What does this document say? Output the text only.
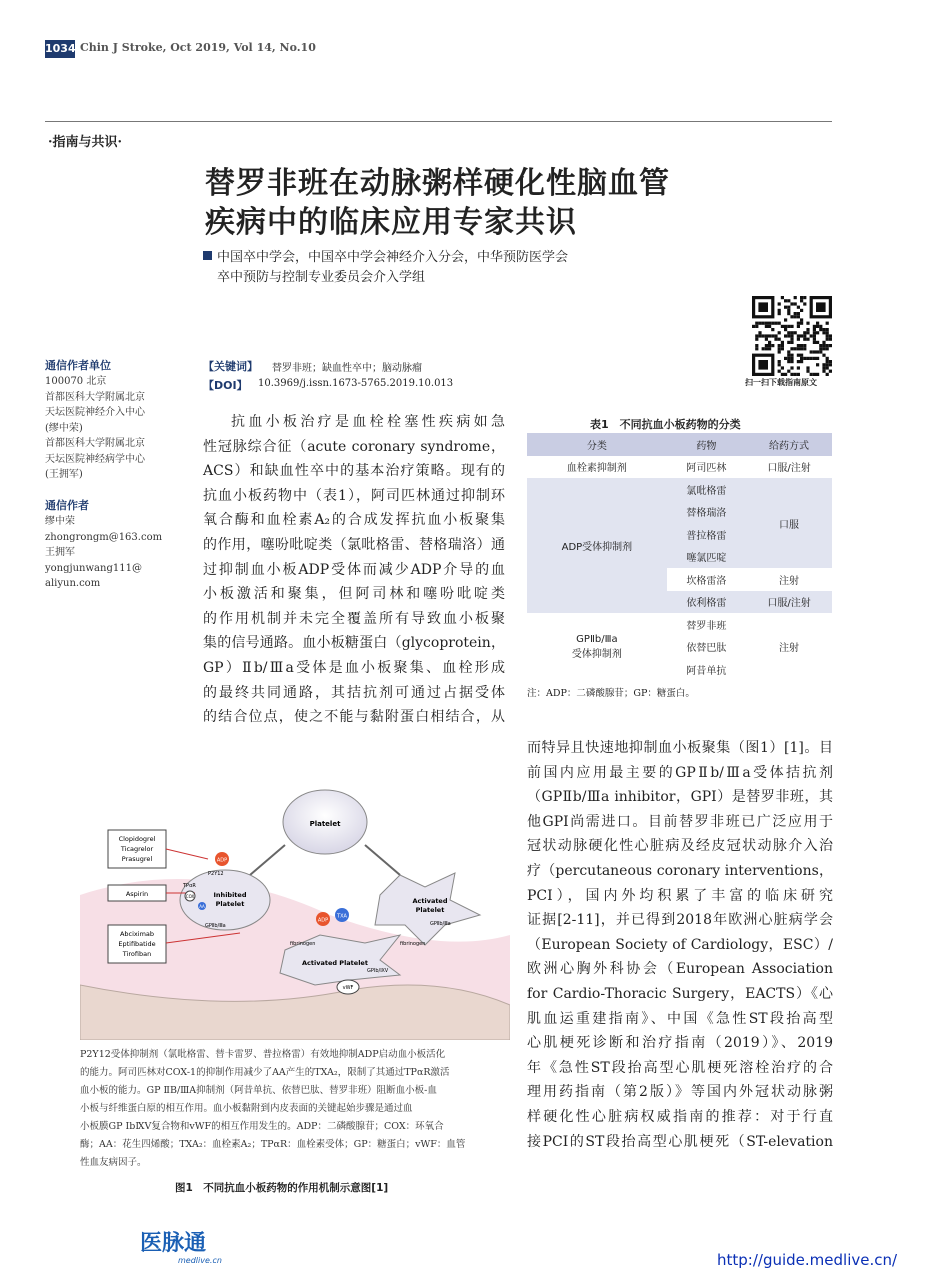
1034 Chin J Stroke, Oct 2019, Vol 14, No.10
·指南与共识·
替罗非班在动脉粥样硬化性脑血管
疾病中的临床应用专家共识
中国卒中学会，中国卒中学会神经介入分会，中华预防医学会
卒中预防与控制专业委员会介入学组
扫一扫下载指南原文
通信作者单位
100070 北京
首都医科大学附属北京
天坛医院神经介入中心
(缪中荣)
首都医科大学附属北京
天坛医院神经病学中心
(王拥军)
通信作者
缪中荣
zhongrongm@163.com
王拥军
yongjunwang111@
aliyun.com
【关键词】 替罗非班；缺血性卒中；脑动脉瘤
【DOI】 10.3969/j.issn.1673-5765.2019.10.013
抗血小板治疗是血栓栓塞性疾病如急
性冠脉综合征（acute coronary syndrome，
ACS）和缺血性卒中的基本治疗策略。现有的
抗血小板药物中（表1），阿司匹林通过抑制环
氧合酶和血栓素A₂的合成发挥抗血小板聚集
的作用，噻吩吡啶类（氯吡格雷、替格瑞洛）通
过抑制血小板ADP受体而减少ADP介导的血
小板激活和聚集，但阿司林和噻吩吡啶类
的作用机制并未完全覆盖所有导致血小板聚
集的信号通路。血小板糖蛋白（glycoprotein，
GP）Ⅱb/Ⅲa受体是血小板聚集、血栓形成
的最终共同通路，其拮抗剂可通过占据受体
的结合位点，使之不能与黏附蛋白相结合，从
表1　不同抗血小板药物的分类
分类	药物	给药方式
血栓素抑制剂	阿司匹林	口服/注射
ADP受体抑制剂	氯吡格雷	口服
	替格瑞洛	
	普拉格雷	
	噻氯匹啶	
	坎格雷洛	注射
	依利格雷	口服/注射

GPⅡb/Ⅲa
受体抑制剂	替罗非班	注射
	依替巴肽	
	阿昔单抗	
注：ADP：二磷酸腺苷；GP：糖蛋白。
而特异且快速地抑制血小板聚集（图1）[1]。目
前国内应用最主要的GPⅡb/Ⅲa受体拮抗剂
（GPⅡb/Ⅲa inhibitor，GPI）是替罗非班，其
他GPI尚需进口。目前替罗非班已广泛应用于
冠状动脉硬化性心脏病及经皮冠状动脉介入治
疗（percutaneous coronary interventions，
PCI），国内外均积累了丰富的临床研究
证据[2-11]，并已得到2018年欧洲心脏病学会
（European Society of Cardiology，ESC）/
欧洲心胸外科协会（European Association
for Cardio-Thoracic Surgery，EACTS）《心
肌血运重建指南》、中国《急性ST段抬高型
心肌梗死诊断和治疗指南（2019）》、2019
年《急性ST段抬高型心肌梗死溶栓治疗的合
理用药指南（第2版）》等国内外冠状动脉粥
样硬化性心脏病权威指南的推荐：对于行直
接PCI的ST段抬高型心肌梗死（ST-elevation
Platelet
Inhibited
Platelet	Activated
Platelet
Activated Platelet
Clopidogrel
Ticagrelor
Prasugrel
Aspirin
Abciximab
Eptifibatide
Tirofiban
ADP
P2Y12
TPαR
COX
AA
GPⅡb/Ⅲa
ADP
TXA
fibrinogen	fibrinogen
GPⅡb/Ⅲa
GPⅠb/ⅨV
vWF
P2Y12受体抑制剂（氯吡格雷、替卡雷罗、普拉格雷）有效地抑制ADP启动血小板活化
的能力。阿司匹林对COX-1的抑制作用减少了AA产生的TXA₂，限制了其通过TPαR激活
血小板的能力。GP ⅡB/ⅢA抑制剂（阿昔单抗、依替巴肽、替罗非班）阻断血小板-血
小板与纤维蛋白原的相互作用。血小板黏附到内皮表面的关键起始步骤是通过血
小板膜GP ⅠbⅨV复合物和vWF的相互作用发生的。ADP：二磷酸腺苷；COX：环氧合
酶；AA：花生四烯酸；TXA₂：血栓素A₂；TPαR：血栓素受体；GP：糖蛋白；vWF：血管
性血友病因子。
图1　不同抗血小板药物的作用机制示意图[1]
医脉通
medlive.cn	http://guide.medlive.cn/
